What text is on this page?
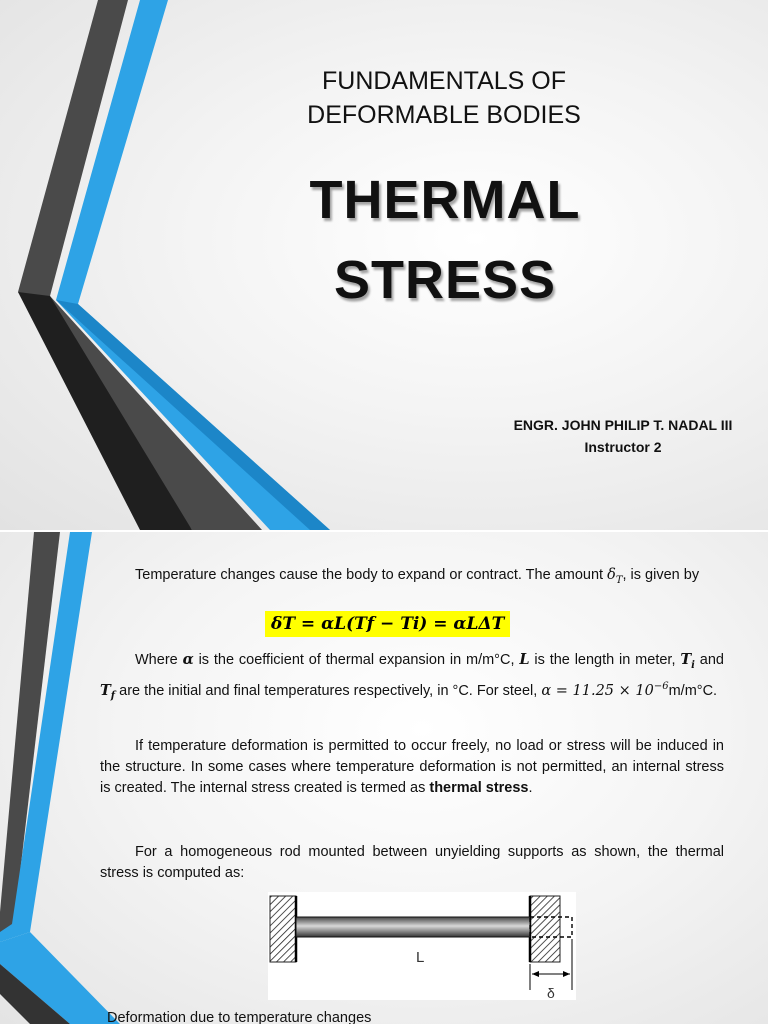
FUNDAMENTALS OF
DEFORMABLE BODIES
THERMAL
STRESS
ENGR. JOHN PHILIP T. NADAL III
Instructor 2
Temperature changes cause the body to expand or contract. The amount $\delta_T$, is given by
δT = αL(Tf − Ti) = αLΔT
Where α is the coefficient of thermal expansion in m/m°C, L is the length in meter, $T_i$ and $T_f$ are the initial and final temperatures respectively, in °C. For steel, $\alpha = 11.25 \times 10^{-6}m/m^\circ C$.
If temperature deformation is permitted to occur freely, no load or stress will be induced in the structure. In some cases where temperature deformation is not permitted, an internal stress is created. The internal stress created is termed as thermal stress.
For a homogeneous rod mounted between unyielding supports as shown, the thermal stress is computed as:
L
δ
Deformation due to temperature changes
